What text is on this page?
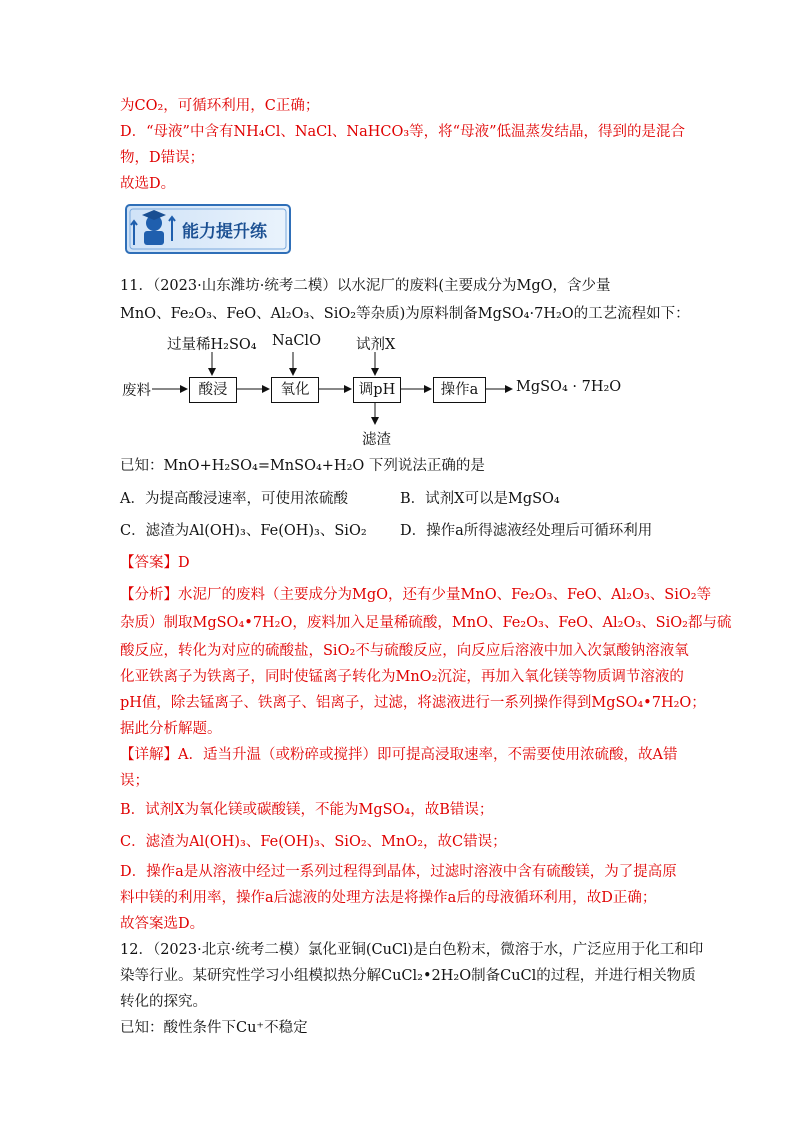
为CO₂，可循环利用，C正确；
D．“母液”中含有NH₄Cl、NaCl、NaHCO₃等，将“母液”低温蒸发结晶，得到的是混合
物，D错误；
故选D。
能力提升练
11．（2023·山东潍坊·统考二模）以水泥厂的废料(主要成分为MgO，含少量
MnO、Fe₂O₃、FeO、Al₂O₃、SiO₂等杂质)为原料制备MgSO₄·7H₂O的工艺流程如下：
废料
过量稀H₂SO₄
酸浸
NaClO
氧化
试剂X
调pH	操作a	MgSO₄ · 7H₂O
滤渣
已知：MnO+H₂SO₄=MnSO₄+H₂O 下列说法正确的是
A．为提高酸浸速率，可使用浓硫酸	B．试剂X可以是MgSO₄
C．滤渣为Al(OH)₃、Fe(OH)₃、SiO₂ D．操作a所得滤液经处理后可循环利用
【答案】D
【分析】水泥厂的废料（主要成分为MgO，还有少量MnO、Fe₂O₃、FeO、Al₂O₃、SiO₂等
杂质）制取MgSO₄•7H₂O，废料加入足量稀硫酸，MnO、Fe₂O₃、FeO、Al₂O₃、SiO₂都与硫
酸反应，转化为对应的硫酸盐，SiO₂不与硫酸反应，向反应后溶液中加入次氯酸钠溶液氧
化亚铁离子为铁离子，同时使锰离子转化为MnO₂沉淀，再加入氧化镁等物质调节溶液的
pH值，除去锰离子、铁离子、铝离子，过滤，将滤液进行一系列操作得到MgSO₄•7H₂O；
据此分析解题。
【详解】A．适当升温（或粉碎或搅拌）即可提高浸取速率，不需要使用浓硫酸，故A错
误；
B．试剂X为氧化镁或碳酸镁，不能为MgSO₄，故B错误；
C．滤渣为Al(OH)₃、Fe(OH)₃、SiO₂、MnO₂，故C错误；
D．操作a是从溶液中经过一系列过程得到晶体，过滤时溶液中含有硫酸镁，为了提高原
料中镁的利用率，操作a后滤液的处理方法是将操作a后的母液循环利用，故D正确；
故答案选D。
12．（2023·北京·统考二模）氯化亚铜(CuCl)是白色粉末，微溶于水，广泛应用于化工和印
染等行业。某研究性学习小组模拟热分解CuCl₂•2H₂O制备CuCl的过程，并进行相关物质
转化的探究。
已知：酸性条件下Cu⁺不稳定
